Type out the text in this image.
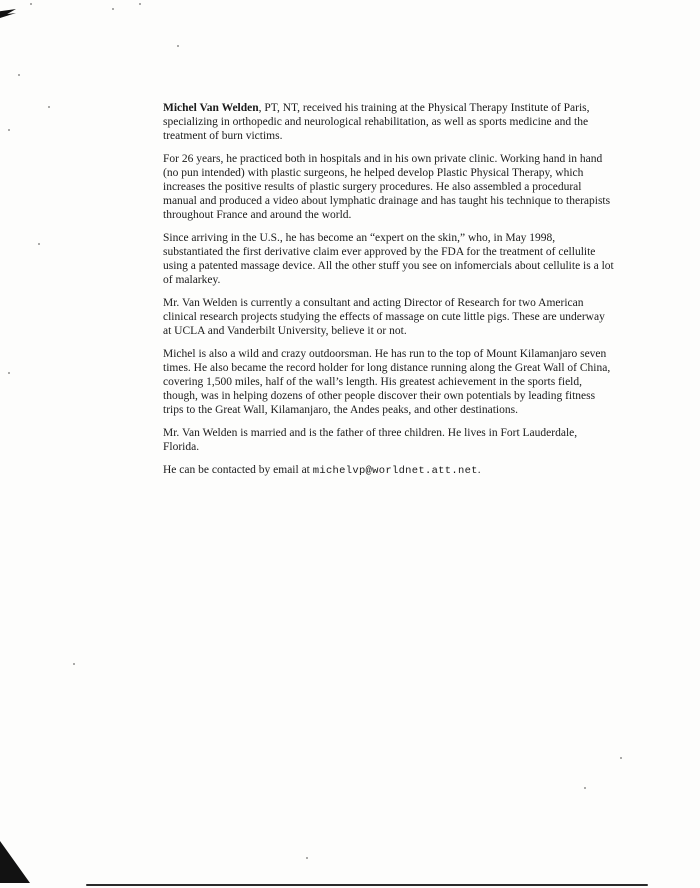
Michel Van Welden, PT, NT, received his training at the Physical Therapy Institute of Paris, specializing in orthopedic and neurological rehabilitation, as well as sports medicine and the treatment of burn victims.

For 26 years, he practiced both in hospitals and in his own private clinic. Working hand in hand (no pun intended) with plastic surgeons, he helped develop Plastic Physical Therapy, which increases the positive results of plastic surgery procedures. He also assembled a procedural manual and produced a video about lymphatic drainage and has taught his technique to therapists throughout France and around the world.

Since arriving in the U.S., he has become an “expert on the skin,” who, in May 1998, substantiated the first derivative claim ever approved by the FDA for the treatment of cellulite using a patented massage device. All the other stuff you see on infomercials about cellulite is a lot of malarkey.

Mr. Van Welden is currently a consultant and acting Director of Research for two American clinical research projects studying the effects of massage on cute little pigs. These are underway at UCLA and Vanderbilt University, believe it or not.

Michel is also a wild and crazy outdoorsman. He has run to the top of Mount Kilamanjaro seven times. He also became the record holder for long distance running along the Great Wall of China, covering 1,500 miles, half of the wall’s length. His greatest achievement in the sports field, though, was in helping dozens of other people discover their own potentials by leading fitness trips to the Great Wall, Kilamanjaro, the Andes peaks, and other destinations.

Mr. Van Welden is married and is the father of three children. He lives in Fort Lauderdale, Florida.

He can be contacted by email at michelvp@worldnet.att.net.
